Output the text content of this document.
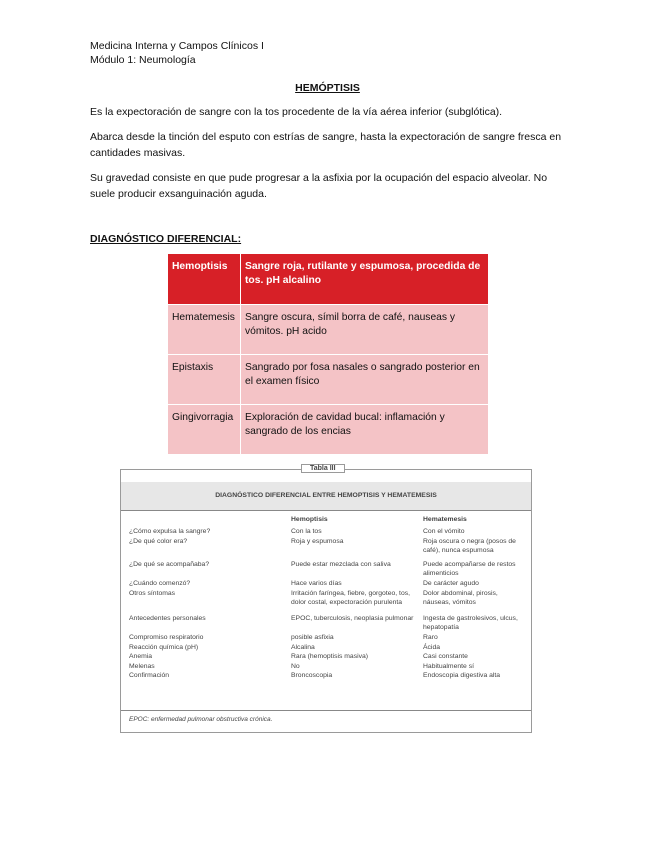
Medicina Interna y Campos Clínicos I
Módulo 1: Neumología
HEMÓPTISIS
Es la expectoración de sangre con la tos procedente de la vía aérea inferior (subglótica).
Abarca desde la tinción del esputo con estrías de sangre, hasta la expectoración de sangre fresca en cantidades masivas.
Su gravedad consiste en que pude progresar a la asfixia por la ocupación del espacio alveolar. No suele producir exsanguinación aguda.
DIAGNÓSTICO DIFERENCIAL:
Hemoptisis	Sangre roja, rutilante y espumosa, procedida de tos. pH alcalino

Hematemesis	Sangre oscura, símil borra de café, nauseas y vómitos. pH acido

Epistaxis	Sangrado por fosa nasales o sangrado posterior en el examen físico

Gingivorragia	Exploración de cavidad bucal: inflamación y sangrado de los encias
Tabla III
DIAGNÓSTICO DIFERENCIAL ENTRE HEMOPTISIS Y HEMATEMESIS
	Hemoptisis	Hematemesis
¿Cómo expulsa la sangre?	Con la tos	Con el vómito
¿De qué color era?	Roja y espumosa	Roja oscura o negra (posos de café), nunca espumosa
¿De qué se acompañaba?	Puede estar mezclada con saliva	Puede acompañarse de restos alimenticios
¿Cuándo comenzó?	Hace varios días	De carácter agudo
Otros síntomas	Irritación faríngea, fiebre, gorgoteo, tos, dolor costal, expectoración purulenta	Dolor abdominal, pirosis, náuseas, vómitos
Antecedentes personales	EPOC, tuberculosis, neoplasia pulmonar	Ingesta de gastrolesivos, ulcus, hepatopatía
Compromiso respiratorio	posible asfixia	Raro
Reacción química (pH)	Alcalina	Ácida
Anemia	Rara (hemoptisis masiva)	Casi constante
Melenas	No	Habitualmente sí
Confirmación	Broncoscopia	Endoscopia digestiva alta
EPOC: enfermedad pulmonar obstructiva crónica.
